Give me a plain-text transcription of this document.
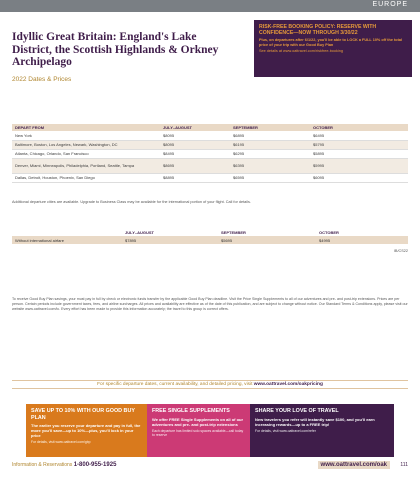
EUROPE
Idyllic Great Britain: England's Lake District, the Scottish Highlands & Orkney Archipelago
2022 Dates & Prices
RISK-FREE BOOKING POLICY: RESERVE WITH CONFIDENCE—NOW THROUGH 3/30/22
Plus, on departures after 6/1/22, you'll be able to LOCK a FULL 10% off the total price of your trip with our Good Buy Plan
See details at www.oattravel.com/riskfree-booking
DEPART FROM	JULY–AUGUST	SEPTEMBER	OCTOBER
New York	$8095	$6895	$6495
Baltimore, Boston, Los Angeles, Newark, Washington, DC	$8095	$6195	$5795
Atlanta, Chicago, Orlando, San Francisco	$8495	$6295	$5895
Denver, Miami, Minneapolis, Philadelphia, Portland, Seattle, Tampa	$8695	$6395	$5995
Dallas, Detroit, Houston, Phoenix, San Diego	$8895	$6595	$6095
Additional departure cities are available. Upgrade to Business Class may be available for the international portion of your flight. Call for details.
	JULY–AUGUST	SEPTEMBER	OCTOBER
Without international airfare	$7895	$5695	$4995
IB/CS22
To receive Good Buy Plan savings, your must pay in full by check or electronic funds transfer by the applicable Good Buy Plan deadline. Visit the Price Single Supplements to all of our adventures and pre- and post-trip extensions. Prices are per person. Certain periods include government taxes, fees, and airline surcharges. All prices and availability are effective as of the date of this publication, and are subject to change without notice. Our Standard Terms & Conditions apply, please visit our website www.oattravel.com/tc. Every effort has been made to provide this information accurately; the travel to this group is correct offers.
For specific departure dates, current availability, and detailed pricing, visit www.oattravel.com/oakpricing
SAVE UP TO 10% WITH OUR GOOD BUY PLAN
The earlier you reserve your departure and pay in full, the more you'll save—up to 10%—plus, you'll lock in your price
For details, visit www.oattravel.com/gbp
FREE SINGLE SUPPLEMENTS
We offer FREE Single Supplements on all of our adventures and pre- and post-trip extensions
Each departure has limited solo spaces available—call today to reserve
SHARE YOUR LOVE OF TRAVEL
New travelers you refer will instantly save $100, and you'll earn increasing rewards—up to a FREE trip!
For details, visit www.oattravel.com/refer
Information & Reservations 1-800-955-1925	www.oattravel.com/oak	111
